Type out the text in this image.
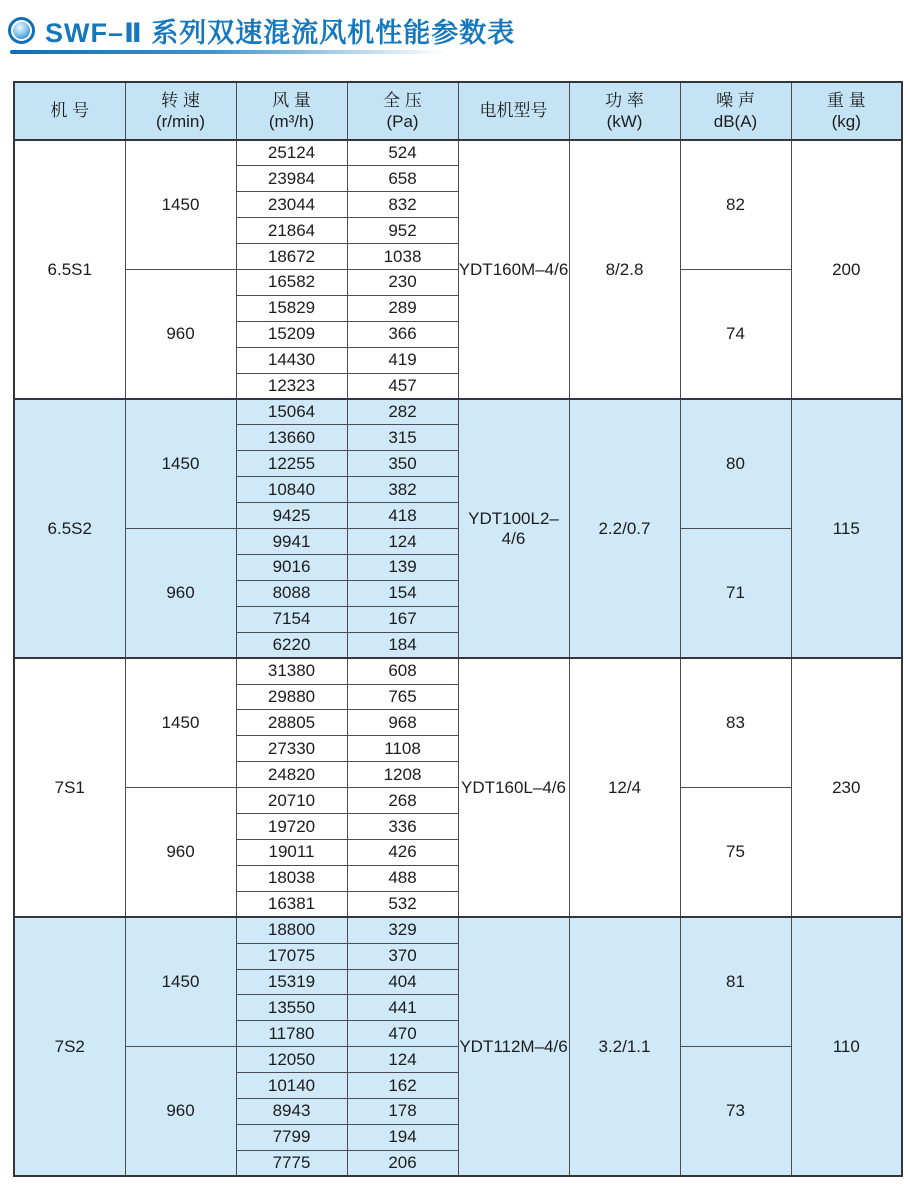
SWF–Ⅱ 系列双速混流风机性能参数表
机 号

转 速
(r/min)

风 量
(m³/h)

全 压
(Pa)

电机型号

功 率
(kW)

噪 声
dB(A)

重 量
(kg)

6.5S1	1450	25124	524	YDT160M–4/6	8/2.8	82	200
		23984	658				
		23044	832				
		21864	952				
		18672	1038				
	960	16582	230			74	
		15829	289				
		15209	366				
		14430	419				
		12323	457				
6.5S2	1450	15064	282	YDT100L2–4/6	2.2/0.7	80	115
		13660	315				
		12255	350				
		10840	382				
		9425	418				
	960	9941	124			71	
		9016	139				
		8088	154				
		7154	167				
		6220	184				
7S1	1450	31380	608	YDT160L–4/6	12/4	83	230
		29880	765				
		28805	968				
		27330	1108				
		24820	1208				
	960	20710	268			75	
		19720	336				
		19011	426				
		18038	488				
		16381	532				
7S2	1450	18800	329	YDT112M–4/6	3.2/1.1	81	110
		17075	370				
		15319	404				
		13550	441				
		11780	470				
	960	12050	124			73	
		10140	162				
		8943	178				
		7799	194				
		7775	206				
